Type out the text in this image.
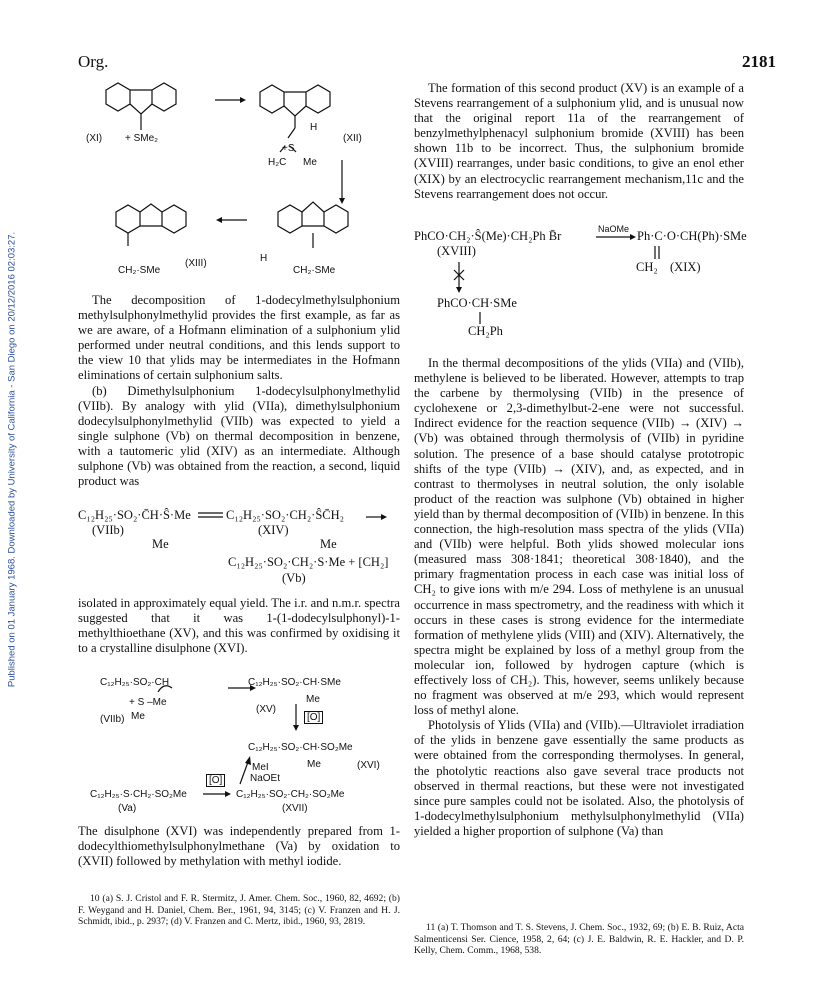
Published on 01 January 1968. Downloaded by University of California - San Diego on 20/12/2016 02:03:27.
Org.	2181
(XI) + SMe₂
+S
(XII)
H
H₂C Me
CH₂·SMe
(XIII)	H
CH₂·SMe

The decomposition of 1-dodecylmethylsulphonium methylsulphonylmethylid provides the first example, as far as we are aware, of a Hofmann elimination of a sulphonium ylid performed under neutral conditions, and this lends support to the view 10 that ylids may be intermediates in the Hofmann eliminations of certain sulphonium salts.

(b) Dimethylsulphonium 1-dodecylsulphonylmethylid (VIIb). By analogy with ylid (VIIa), dimethylsulphonium dodecylsulphonylmethylid (VIIb) was expected to yield a single sulphone (Vb) on thermal decomposition in benzene, with a tautomeric ylid (XIV) as an intermediate. Although sulphone (Vb) was obtained from the reaction, a second, liquid product was

C₁₂H₂₅·SO₂·C̄H·Ŝ·Me	C₁₂H₂₅·SO₂·CH₂·ŜC̄H₂
(VIIb)
Me
(XIV)
Me
C₁₂H₂₅·SO₂·CH₂·S·Me + [CH₂]
(Vb)

isolated in approximately equal yield. The i.r. and n.m.r. spectra suggested that it was 1-(1-dodecylsulphonyl)-1-methylthioethane (XV), and this was confirmed by oxidising it to a crystalline disulphone (XVI).

C₁₂H₂₅·SO₂·CH
+ S –Me
Me
(VIIb)
C₁₂H₂₅·SO₂·CH·SMe
Me
(XV)
[O]
C₁₂H₂₅·SO₂·CH·SO₂Me
Me	(XVI)
MeI
NaOEt
[O]
C₁₂H₂₅·S·CH₂·SO₂Me	C₁₂H₂₅·SO₂·CH₂·SO₂Me
(Va)	(XVII)

The disulphone (XVI) was independently prepared from 1-dodecylthiomethylsulphonylmethane (Va) by oxidation to (XVII) followed by methylation with methyl iodide.

10 (a) S. J. Cristol and F. R. Stermitz, J. Amer. Chem. Soc., 1960, 82, 4692; (b) F. Weygand and H. Daniel, Chem. Ber., 1961, 94, 3145; (c) V. Franzen and H. J. Schmidt, ibid., p. 2937; (d) V. Franzen and C. Mertz, ibid., 1960, 93, 2819.

The formation of this second product (XV) is an example of a Stevens rearrangement of a sulphonium ylid, and is unusual now that the original report 11a of the rearrangement of benzylmethylphenacyl sulphonium bromide (XVIII) has been shown 11b to be incorrect. Thus, the sulphonium bromide (XVIII) rearranges, under basic conditions, to give an enol ether (XIX) by an electrocyclic rearrangement mechanism,11c and the Stevens rearrangement does not occur.

PhCO·CH₂·Ŝ(Me)·CH₂Ph B̄r	NaOMe Ph·C·O·CH(Ph)·SMe
CH₂ (XIX)
(XVIII)
PhCO·CH·SMe
CH₂Ph

In the thermal decompositions of the ylids (VIIa) and (VIIb), methylene is believed to be liberated. However, attempts to trap the carbene by thermolysing (VIIb) in the presence of cyclohexene or 2,3-dimethylbut-2-ene were not successful. Indirect evidence for the reaction sequence (VIIb) → (XIV) → (Vb) was obtained through thermolysis of (VIIb) in pyridine solution. The presence of a base should catalyse prototropic shifts of the type (VIIb) → (XIV), and, as expected, and in contrast to thermolyses in neutral solution, the only isolable product of the reaction was sulphone (Vb) obtained in higher yield than by thermal decomposition of (VIIb) in benzene. In this connection, the high-resolution mass spectra of the ylids (VIIa) and (VIIb) were helpful. Both ylids showed molecular ions (measured mass 308·1841; theoretical 308·1840), and the primary fragmentation process in each case was initial loss of CH₂ to give ions with m/e 294. Loss of methylene is an unusual occurrence in mass spectrometry, and the readiness with which it occurs in these cases is strong evidence for the intermediate formation of methylene ylids (VIII) and (XIV). Alternatively, the spectra might be explained by loss of a methyl group from the molecular ion, followed by hydrogen capture (which is effectively loss of CH₂). This, however, seems unlikely because no fragment was observed at m/e 293, which would represent loss of methyl alone.

Photolysis of Ylids (VIIa) and (VIIb).—Ultraviolet irradiation of the ylids in benzene gave essentially the same products as were obtained from the corresponding thermolyses. In general, the photolytic reactions also gave several trace products not observed in thermal reactions, but these were not investigated since pure samples could not be isolated. Also, the photolysis of 1-dodecylmethylsulphonium methylsulphonylmethylid (VIIa) yielded a higher proportion of sulphone (Va) than

11 (a) T. Thomson and T. S. Stevens, J. Chem. Soc., 1932, 69; (b) E. B. Ruiz, Acta Salmenticensi Ser. Cience, 1958, 2, 64; (c) J. E. Baldwin, R. E. Hackler, and D. P. Kelly, Chem. Comm., 1968, 538.
